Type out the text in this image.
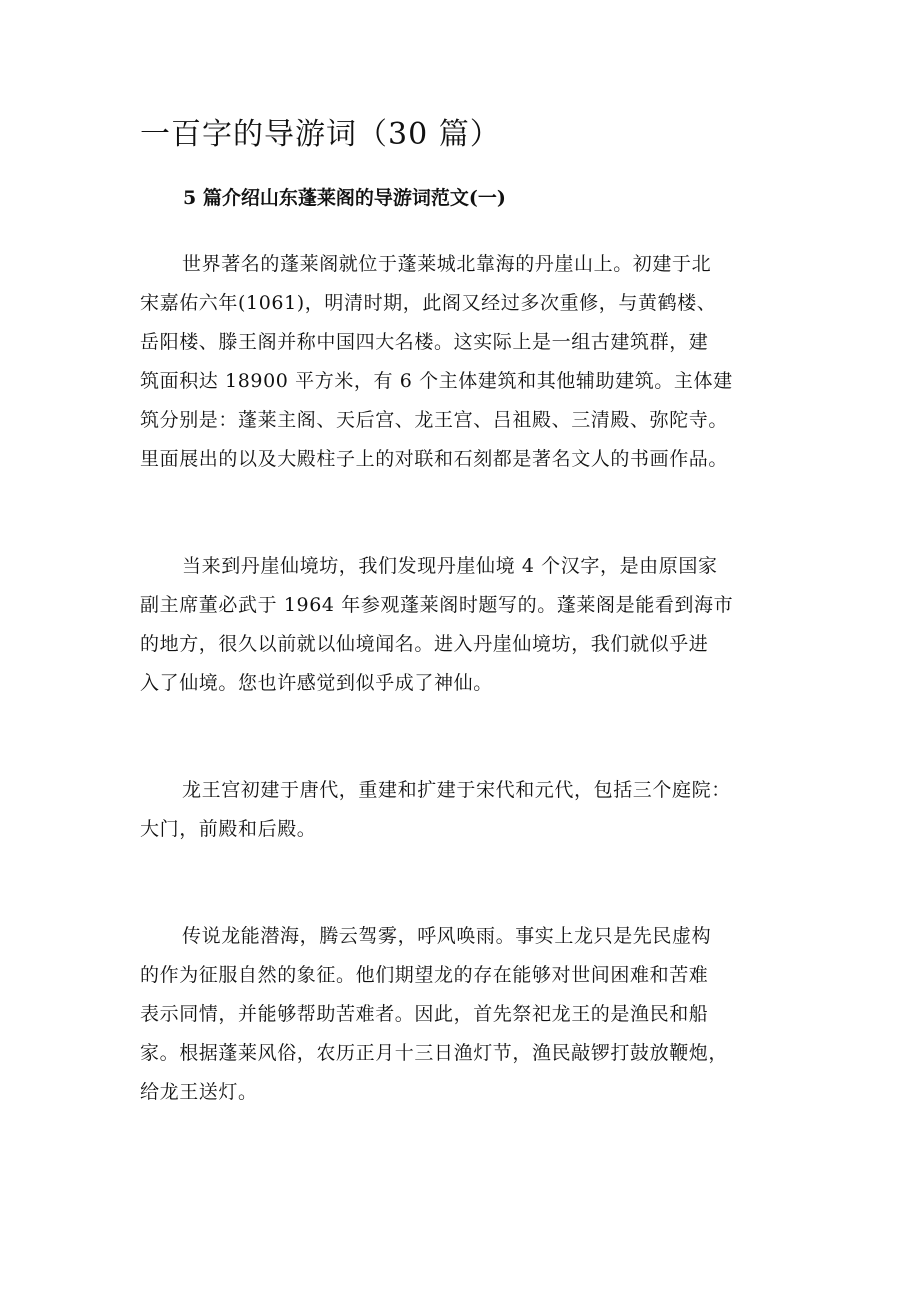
一百字的导游词（30 篇）
5 篇介绍山东蓬莱阁的导游词范文(一)
世界著名的蓬莱阁就位于蓬莱城北靠海的丹崖山上。初建于北
宋嘉佑六年(1061)，明清时期，此阁又经过多次重修，与黄鹤楼、
岳阳楼、滕王阁并称中国四大名楼。这实际上是一组古建筑群，建
筑面积达 18900 平方米，有 6 个主体建筑和其他辅助建筑。主体建
筑分别是：蓬莱主阁、天后宫、龙王宫、吕祖殿、三清殿、弥陀寺。
里面展出的以及大殿柱子上的对联和石刻都是著名文人的书画作品。
当来到丹崖仙境坊，我们发现丹崖仙境 4 个汉字，是由原国家
副主席董必武于 1964 年参观蓬莱阁时题写的。蓬莱阁是能看到海市
的地方，很久以前就以仙境闻名。进入丹崖仙境坊，我们就似乎进
入了仙境。您也许感觉到似乎成了神仙。
龙王宫初建于唐代，重建和扩建于宋代和元代，包括三个庭院：
大门，前殿和后殿。
传说龙能潜海，腾云驾雾，呼风唤雨。事实上龙只是先民虚构
的作为征服自然的象征。他们期望龙的存在能够对世间困难和苦难
表示同情，并能够帮助苦难者。因此，首先祭祀龙王的是渔民和船
家。根据蓬莱风俗，农历正月十三日渔灯节，渔民敲锣打鼓放鞭炮，
给龙王送灯。
